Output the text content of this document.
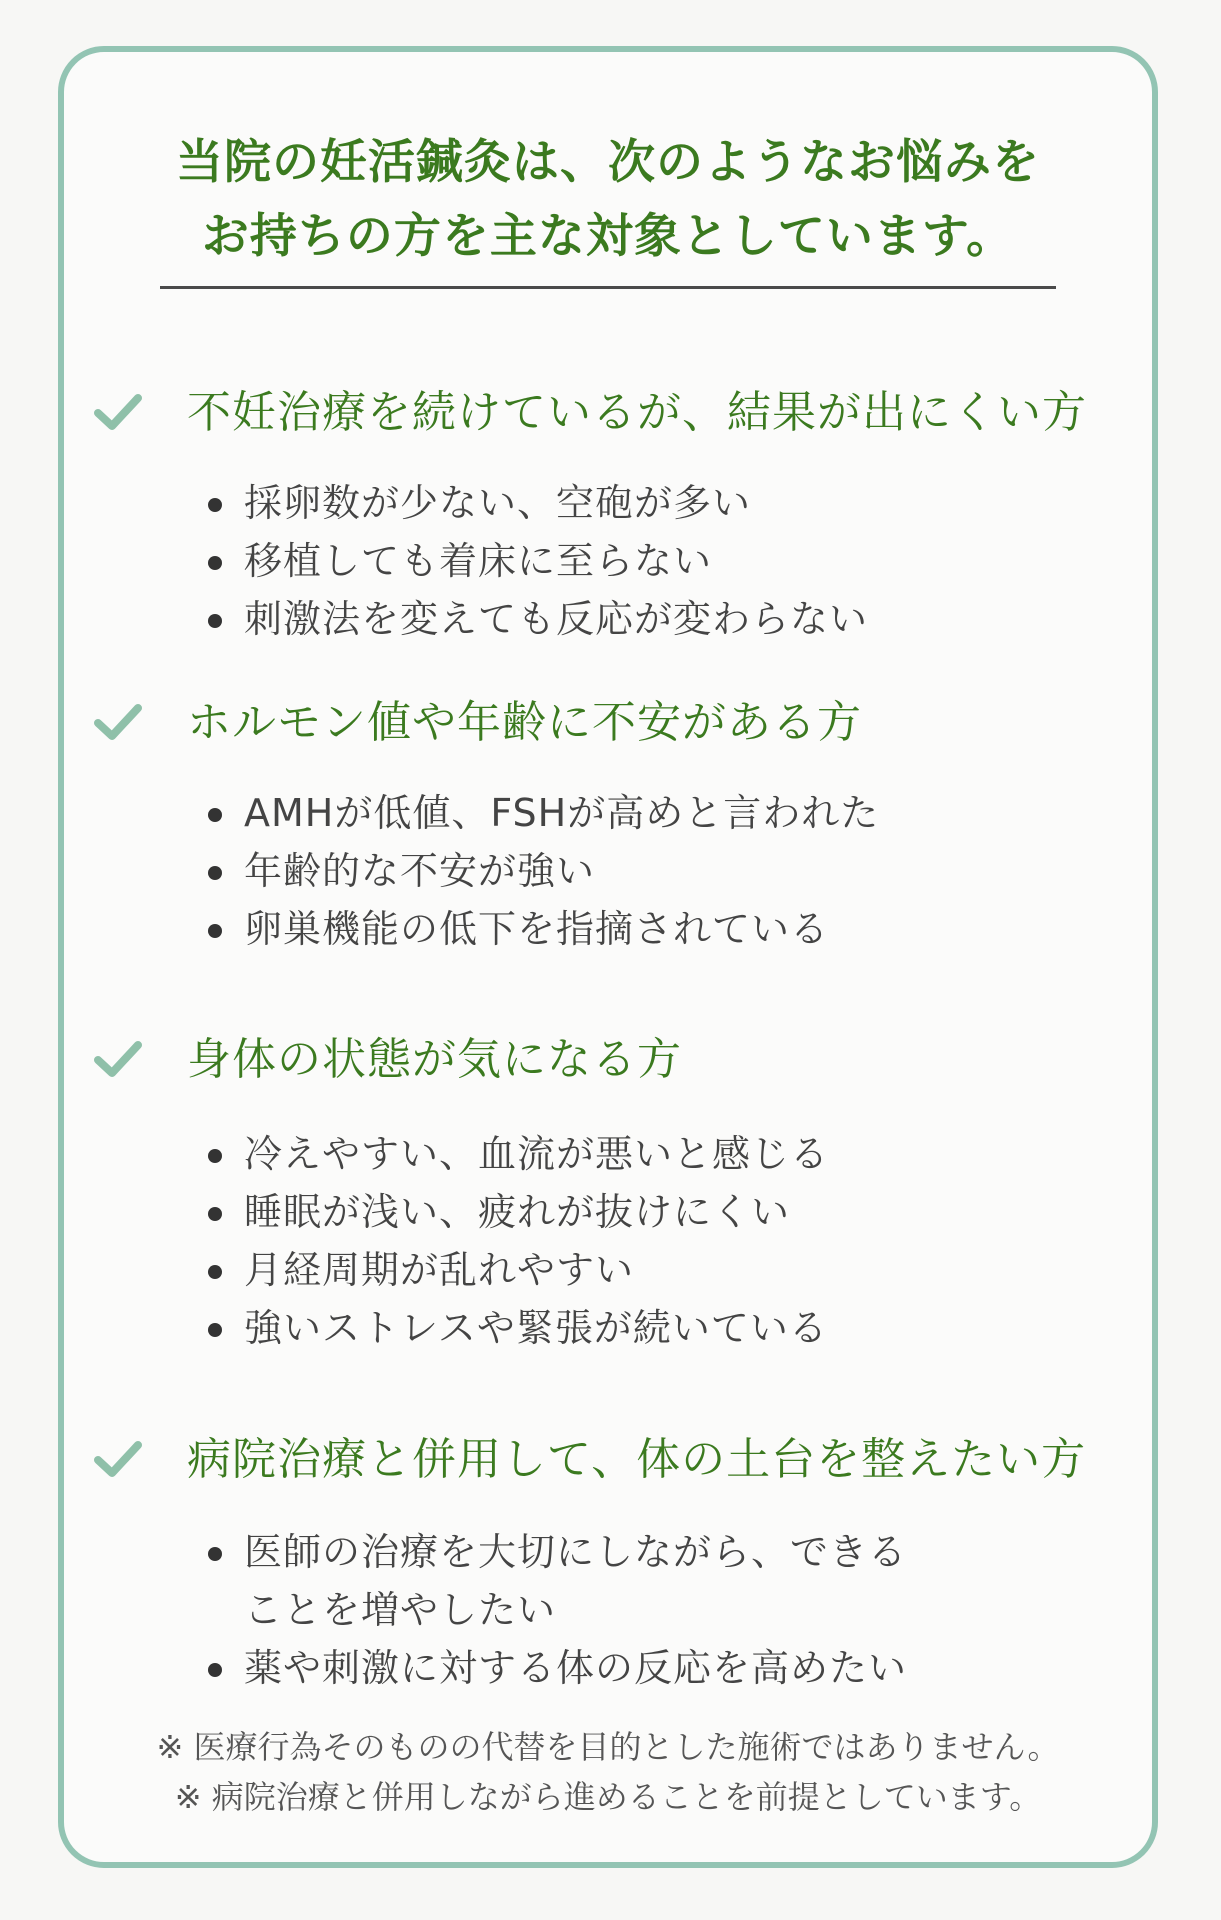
当院の妊活鍼灸は、次のようなお悩みを
お持ちの方を主な対象としています。
不妊治療を続けているが、結果が出にくい方
採卵数が少ない、空砲が多い
移植しても着床に至らない
刺激法を変えても反応が変わらない
ホルモン値や年齢に不安がある方
AMHが低値、FSHが高めと言われた
年齢的な不安が強い
卵巣機能の低下を指摘されている
身体の状態が気になる方
冷えやすい、血流が悪いと感じる
睡眠が浅い、疲れが抜けにくい
月経周期が乱れやすい
強いストレスや緊張が続いている
病院治療と併用して、体の土台を整えたい方
医師の治療を大切にしながら、できる
ことを増やしたい
薬や刺激に対する体の反応を高めたい
※ 医療行為そのものの代替を目的とした施術ではありません。
※ 病院治療と併用しながら進めることを前提としています。
